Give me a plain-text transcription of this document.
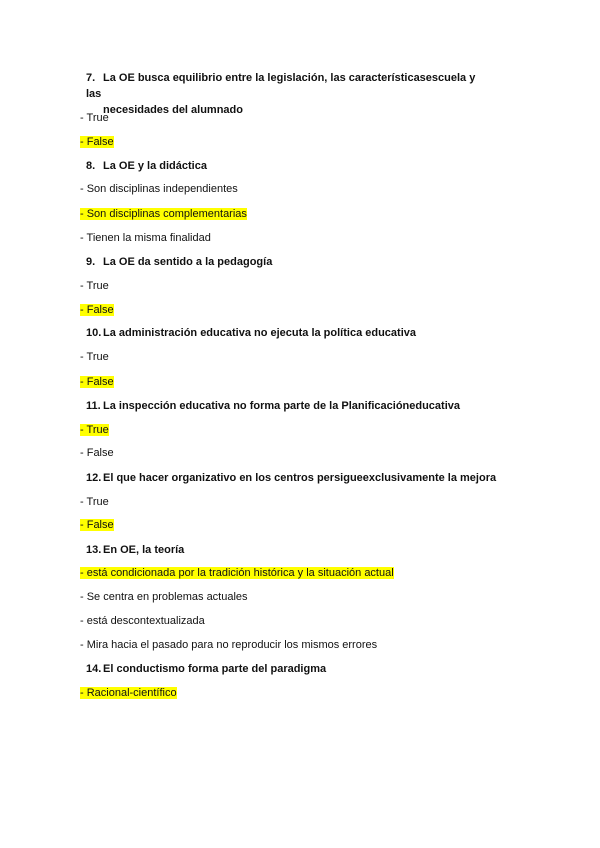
7. La OE busca equilibrio entre la legislación, las característicasescuela y las
necesidades del alumnado
- True
- False
8. La OE y la didáctica
- Son disciplinas independientes
- Son disciplinas complementarias
- Tienen la misma finalidad
9. La OE da sentido a la pedagogía
- True
- False
10. La administración educativa no ejecuta la política educativa
- True
- False
11. La inspección educativa no forma parte de la Planificacióneducativa
- True
- False
12. El que hacer organizativo en los centros persigueexclusivamente la mejora
- True
- False
13. En OE, la teoría
- está condicionada por la tradición histórica y la situación actual
- Se centra en problemas actuales
- está descontextualizada
- Mira hacia el pasado para no reproducir los mismos errores
14. El conductismo forma parte del paradigma
- Racional-científico
